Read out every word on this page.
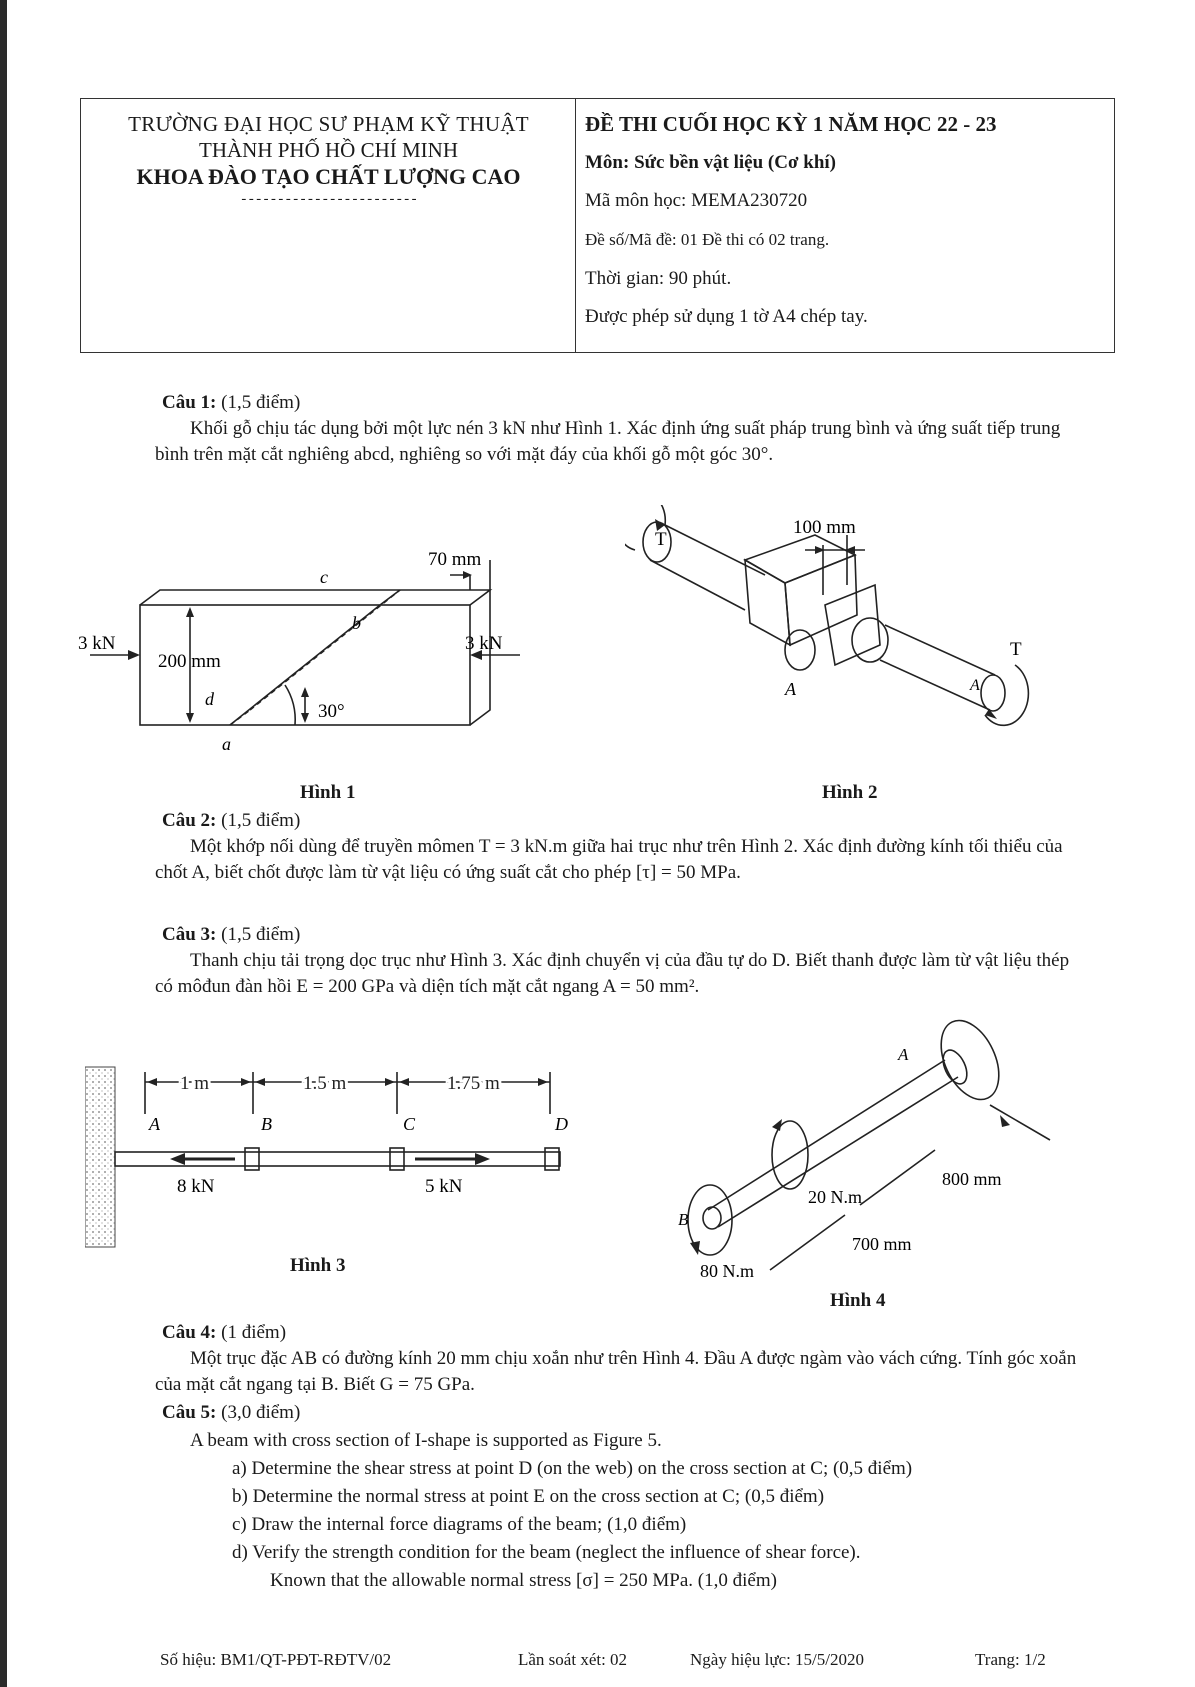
TRƯỜNG ĐẠI HỌC SƯ PHẠM KỸ THUẬT
THÀNH PHỐ HỒ CHÍ MINH
KHOA ĐÀO TẠO CHẤT LƯỢNG CAO
------------------------
ĐỀ THI CUỐI HỌC KỲ 1 NĂM HỌC 22 - 23
Môn: Sức bền vật liệu (Cơ khí)
Mã môn học: MEMA230720
Đề số/Mã đề: 01 Đề thi có 02 trang.
Thời gian: 90 phút.
Được phép sử dụng 1 tờ A4 chép tay.
Câu 1: (1,5 điểm)
Khối gỗ chịu tác dụng bởi một lực nén 3 kN như Hình 1. Xác định ứng suất pháp trung bình và ứng suất tiếp trung bình trên mặt cắt nghiêng abcd, nghiêng so với mặt đáy của khối gỗ một góc 30°.
70 mm
200 mm
3 kN	3 kN
30°
a
b
c
d
Hình 1
100 mm
T
T
A	A
Hình 2
Câu 2: (1,5 điểm)
Một khớp nối dùng để truyền mômen T = 3 kN.m giữa hai trục như trên Hình 2. Xác định đường kính tối thiểu của chốt A, biết chốt được làm từ vật liệu có ứng suất cắt cho phép [τ] = 50 MPa.
Câu 3: (1,5 điểm)
Thanh chịu tải trọng dọc trục như Hình 3. Xác định chuyển vị của đầu tự do D. Biết thanh được làm từ vật liệu thép có môđun đàn hồi E = 200 GPa và diện tích mặt cắt ngang A = 50 mm².
1 m	1.5 m	1.75 m
A	B	C	D
8 kN	5 kN
Hình 3
A
B
800 mm
700 mm
20 N.m
80 N.m
Hình 4
Câu 4: (1 điểm)
Một trục đặc AB có đường kính 20 mm chịu xoắn như trên Hình 4. Đầu A được ngàm vào vách cứng. Tính góc xoắn của mặt cắt ngang tại B. Biết G = 75 GPa.
Câu 5: (3,0 điểm)
A beam with cross section of I-shape is supported as Figure 5.
a) Determine the shear stress at point D (on the web) on the cross section at C; (0,5 điểm)
b) Determine the normal stress at point E on the cross section at C; (0,5 điểm)
c) Draw the internal force diagrams of the beam; (1,0 điểm)
d) Verify the strength condition for the beam (neglect the influence of shear force).
Known that the allowable normal stress [σ] = 250 MPa. (1,0 điểm)
Số hiệu: BM1/QT-PĐT-RĐTV/02	Lần soát xét: 02	Ngày hiệu lực: 15/5/2020	Trang: 1/2
